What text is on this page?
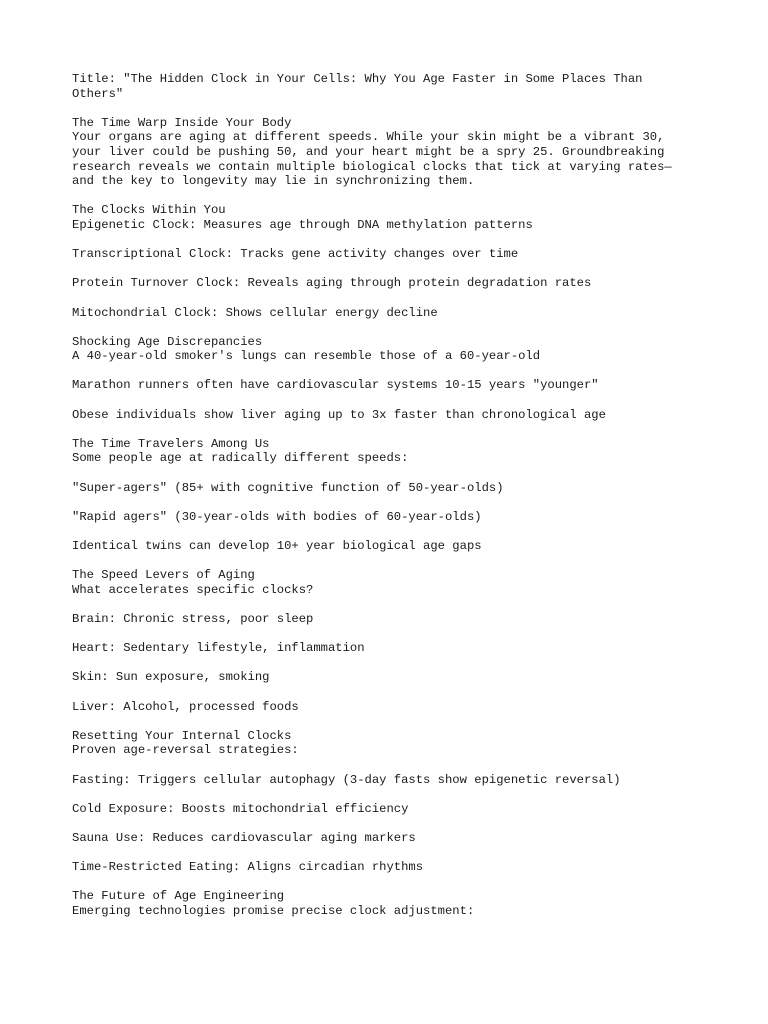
Title: "The Hidden Clock in Your Cells: Why You Age Faster in Some Places Than
Others"
The Time Warp Inside Your Body
Your organs are aging at different speeds. While your skin might be a vibrant 30,
your liver could be pushing 50, and your heart might be a spry 25. Groundbreaking
research reveals we contain multiple biological clocks that tick at varying rates—
and the key to longevity may lie in synchronizing them.
The Clocks Within You
Epigenetic Clock: Measures age through DNA methylation patterns
Transcriptional Clock: Tracks gene activity changes over time
Protein Turnover Clock: Reveals aging through protein degradation rates
Mitochondrial Clock: Shows cellular energy decline
Shocking Age Discrepancies
A 40-year-old smoker's lungs can resemble those of a 60-year-old
Marathon runners often have cardiovascular systems 10-15 years "younger"
Obese individuals show liver aging up to 3x faster than chronological age
The Time Travelers Among Us
Some people age at radically different speeds:
"Super-agers" (85+ with cognitive function of 50-year-olds)
"Rapid agers" (30-year-olds with bodies of 60-year-olds)
Identical twins can develop 10+ year biological age gaps
The Speed Levers of Aging
What accelerates specific clocks?
Brain: Chronic stress, poor sleep
Heart: Sedentary lifestyle, inflammation
Skin: Sun exposure, smoking
Liver: Alcohol, processed foods
Resetting Your Internal Clocks
Proven age-reversal strategies:
Fasting: Triggers cellular autophagy (3-day fasts show epigenetic reversal)
Cold Exposure: Boosts mitochondrial efficiency
Sauna Use: Reduces cardiovascular aging markers
Time-Restricted Eating: Aligns circadian rhythms
The Future of Age Engineering
Emerging technologies promise precise clock adjustment:
